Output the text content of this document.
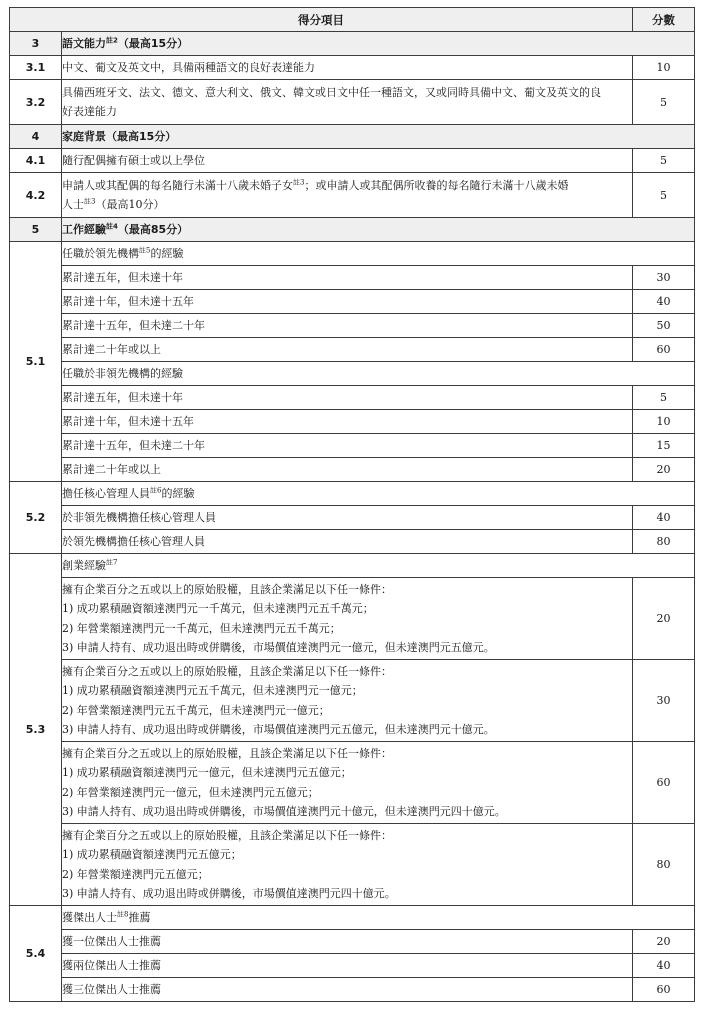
得分項目		分數
3	語文能力$^{註2}$（最高15分）	
3.1	中文、葡文及英文中，具備兩種語文的良好表達能力	10
3.2	具備西班牙文、法文、德文、意大利文、俄文、韓文或日文中任一種語文，又或同時具備中文、葡文及英文的良
好表達能力	5
4	家庭背景（最高15分）	
4.1	隨行配偶擁有碩士或以上學位	5
4.2	申請人或其配偶的每名隨行未滿十八歲未婚子女$^{註3}$；或申請人或其配偶所收養的每名隨行未滿十八歲未婚
人士$^{註3}$（最高10分）	5
5	工作經驗$^{註4}$（最高85分）	
5.1	任職於領先機構$^{註5}$的經驗	
	累計達五年，但未達十年	30
	累計達十年，但未達十五年	40
	累計達十五年，但未達二十年	50
	累計達二十年或以上	60
	任職於非領先機構的經驗	
	累計達五年，但未達十年	5
	累計達十年，但未達十五年	10
	累計達十五年，但未達二十年	15
	累計達二十年或以上	20
5.2	擔任核心管理人員$^{註6}$的經驗	
	於非領先機構擔任核心管理人員	40
	於領先機構擔任核心管理人員	80
5.3	創業經驗$^{註7}$
	擁有企業百分之五或以上的原始股權，且該企業滿足以下任一條件：
1) 成功累積融資額達澳門元一千萬元，但未達澳門元五千萬元；
2) 年營業額達澳門元一千萬元，但未達澳門元五千萬元；
3) 申請人持有、成功退出時或併購後，市場價值達澳門元一億元，但未達澳門元五億元。	20
	擁有企業百分之五或以上的原始股權，且該企業滿足以下任一條件：
1) 成功累積融資額達澳門元五千萬元，但未達澳門元一億元；
2) 年營業額達澳門元五千萬元，但未達澳門元一億元；
3) 申請人持有、成功退出時或併購後，市場價值達澳門元五億元，但未達澳門元十億元。	30
	擁有企業百分之五或以上的原始股權，且該企業滿足以下任一條件：
1) 成功累積融資額達澳門元一億元，但未達澳門元五億元；
2) 年營業額達澳門元一億元，但未達澳門元五億元；
3) 申請人持有、成功退出時或併購後，市場價值達澳門元十億元，但未達澳門元四十億元。	60
	擁有企業百分之五或以上的原始股權，且該企業滿足以下任一條件：
1) 成功累積融資額達澳門元五億元；
2) 年營業額達澳門元五億元；
3) 申請人持有、成功退出時或併購後，市場價值達澳門元四十億元。	80
5.4	獲傑出人士$^{註8}$推薦	
	獲一位傑出人士推薦	20
	獲兩位傑出人士推薦	40
	獲三位傑出人士推薦	60
